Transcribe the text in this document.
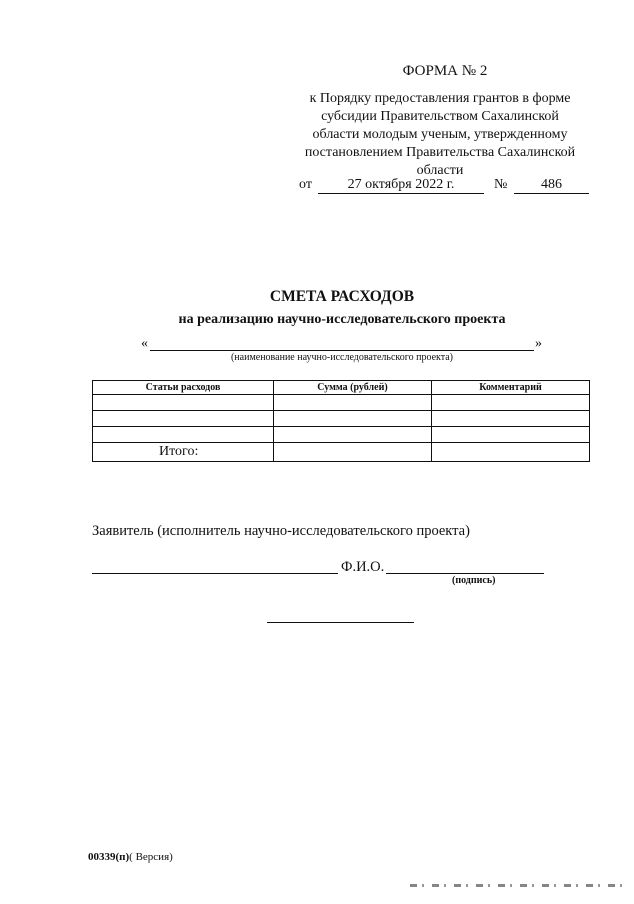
ФОРМА № 2
к Порядку предоставления грантов в форме
субсидии Правительством Сахалинской
области молодым ученым, утвержденному
постановлением Правительства Сахалинской
области
от	27 октября 2022 г.	№	486
СМЕТА РАСХОДОВ
на реализацию научно-исследовательского проекта
«	»
(наименование научно-исследовательского проекта)
Статьи расходов	Сумма (рублей)	Комментарий

Итого:		
Заявитель (исполнитель научно-исследовательского проекта)
Ф.И.О.
(подпись)
00339(п)( Версия)
